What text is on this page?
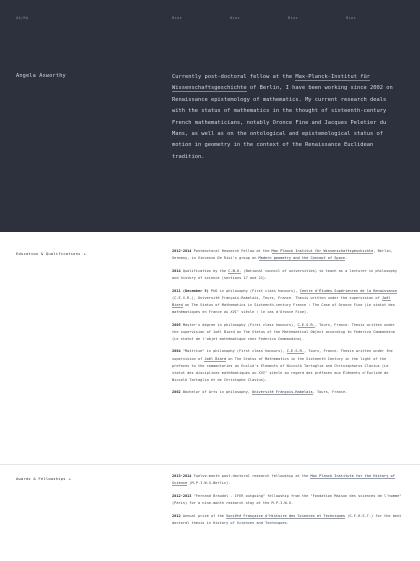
AA/RA	Bios	Bios	Bios	Bios
Angela Axworthy	Currently post-doctoral fellow at the Max-Planck-Institut für Wissenschaftsgeschichte of Berlin, I have been working since 2002 on Renaissance epistemology of mathematics. My current research deals with the status of mathematics in the thought of sixteenth-century French mathematicians, notably Oronce Fine and Jacques Peletier du Mans, as well as on the ontological and epistemological status of motion in geometry in the context of the Renaissance Euclidean tradition.
Education & Qualifications +	2012-2014 Postdoctoral Research Fellow at the Max Planck Institut für Wissenschaftsgeschichte, Berlin, Germany, in Vincenzo De Risi's group on Modern geometry and the Concept of Space.

2014 Qualification by the C.N.U. (National council of universities) to teach as a lecturer in philosophy and history of science (sections 17 and 21).

2011 (December 5) PhD in philosophy (First class honours), Centre d'Études Supérieures de la Renaissance (C.E.S.R.), Université François-Rabelais, Tours, France. Thesis written under the supervision of Joël Biard on The Status of Mathematics in Sixteenth-century France : The Case of Oronce Fine (Le statut des mathématiques en France au XVIᵉ siècle : le cas d'Oronce Fine).

2005 Master's degree in philosophy (First class honours), C.E.S.R., Tours, France. Thesis written under the supervision of Joël Biard on The Status of the Mathematical Object according to Federico Commandino (Le statut de l'objet mathématique chez Federico Commandino).

2004 "Maîtrise" in philosophy (First class honours), C.E.S.R., Tours, France. Thesis written under the supervision of Joël Biard on The Status of Mathematics in the Sixteenth Century in the light of the prefaces to the commentaries on Euclid's Elements of Niccolò Tartaglia and Christophorus Clavius (Le statut des disciplines mathématiques au XVIᵉ siècle au regard des préfaces aux Éléments d'Euclide de Niccolò Tartaglia et de Christophe Clavius).

2002 Bachelor of Arts in philosophy, Université François-Rabelais, Tours, France.

Awards & Fellowships +	2013-2014 Twelve-month post-doctoral research fellowship at the Max Planck Institute for the History of Science (M.P.I.W.G.Berlin).

2012-2013 "Fernand Braudel - IFER outgoing" fellowship from the "Fondation Maison des sciences de l'homme" (Paris) for a nine-month research stay at the M.P.I.W.G.

2012 Annual prize of the Société Française d'Histoire des Sciences et Techniques (S.F.H.S.T.) for the best doctoral thesis in History of Sciences and Techniques.
